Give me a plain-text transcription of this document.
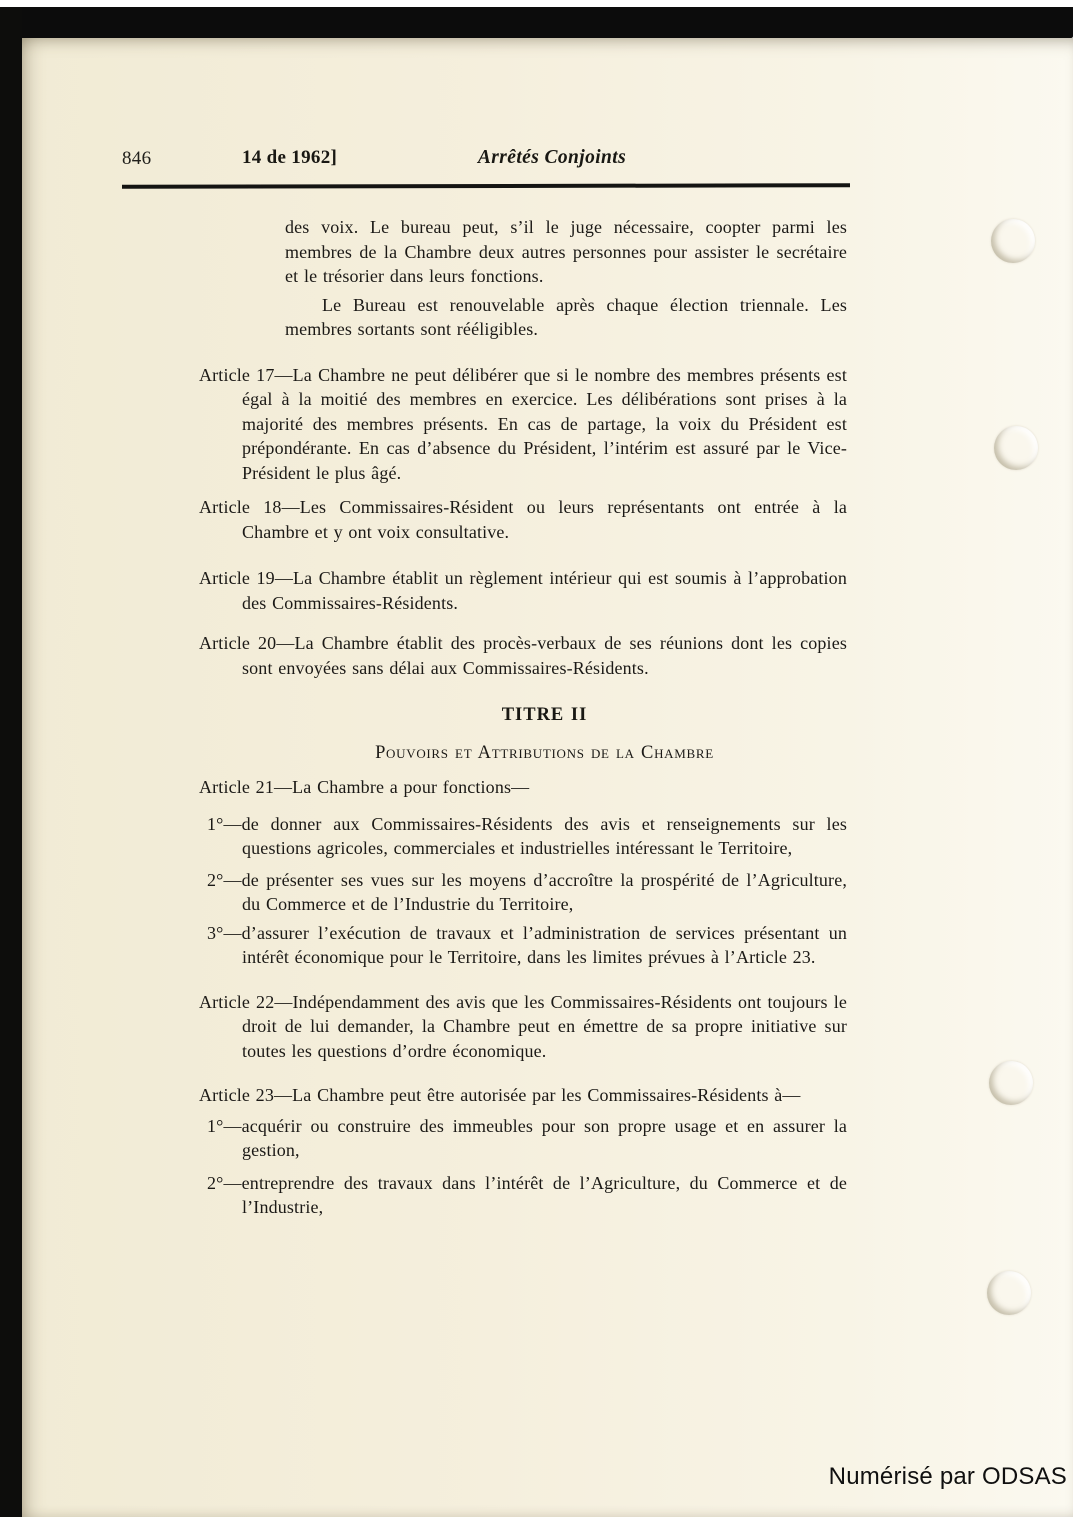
846	14 de 1962]	Arrêtés Conjoints

des voix. Le bureau peut, s’il le juge nécessaire, coopter parmi les membres de la Chambre deux autres personnes pour assister le secrétaire et le trésorier dans leurs fonctions.

Le Bureau est renouvelable après chaque élection triennale. Les membres sortants sont rééligibles.

Article 17—La Chambre ne peut délibérer que si le nombre des membres présents est égal à la moitié des membres en exercice. Les délibérations sont prises à la majorité des membres présents. En cas de partage, la voix du Président est prépondérante. En cas d’absence du Président, l’intérim est assuré par le Vice-Président le plus âgé.

Article 18—Les Commissaires-Résident ou leurs représentants ont entrée à la Chambre et y ont voix consultative.

Article 19—La Chambre établit un règlement intérieur qui est soumis à l’approbation des Commissaires-Résidents.

Article 20—La Chambre établit des procès-verbaux de ses réunions dont les copies sont envoyées sans délai aux Commissaires-Résidents.

TITRE II

Pouvoirs et Attributions de la Chambre

Article 21—La Chambre a pour fonctions—

1°—de donner aux Commissaires-Résidents des avis et renseignements sur les questions agricoles, commerciales et industrielles intéressant le Territoire,

2°—de présenter ses vues sur les moyens d’accroître la prospérité de l’Agriculture, du Commerce et de l’Industrie du Territoire,

3°—d’assurer l’exécution de travaux et l’administration de services présentant un intérêt économique pour le Territoire, dans les limites prévues à l’Article 23.

Article 22—Indépendamment des avis que les Commissaires-Résidents ont toujours le droit de lui demander, la Chambre peut en émettre de sa propre initiative sur toutes les questions d’ordre économique.

Article 23—La Chambre peut être autorisée par les Commissaires-Résidents à—

1°—acquérir ou construire des immeubles pour son propre usage et en assurer la gestion,

2°—entreprendre des travaux dans l’intérêt de l’Agriculture, du Commerce et de l’Industrie,

Numérisé par ODSAS
